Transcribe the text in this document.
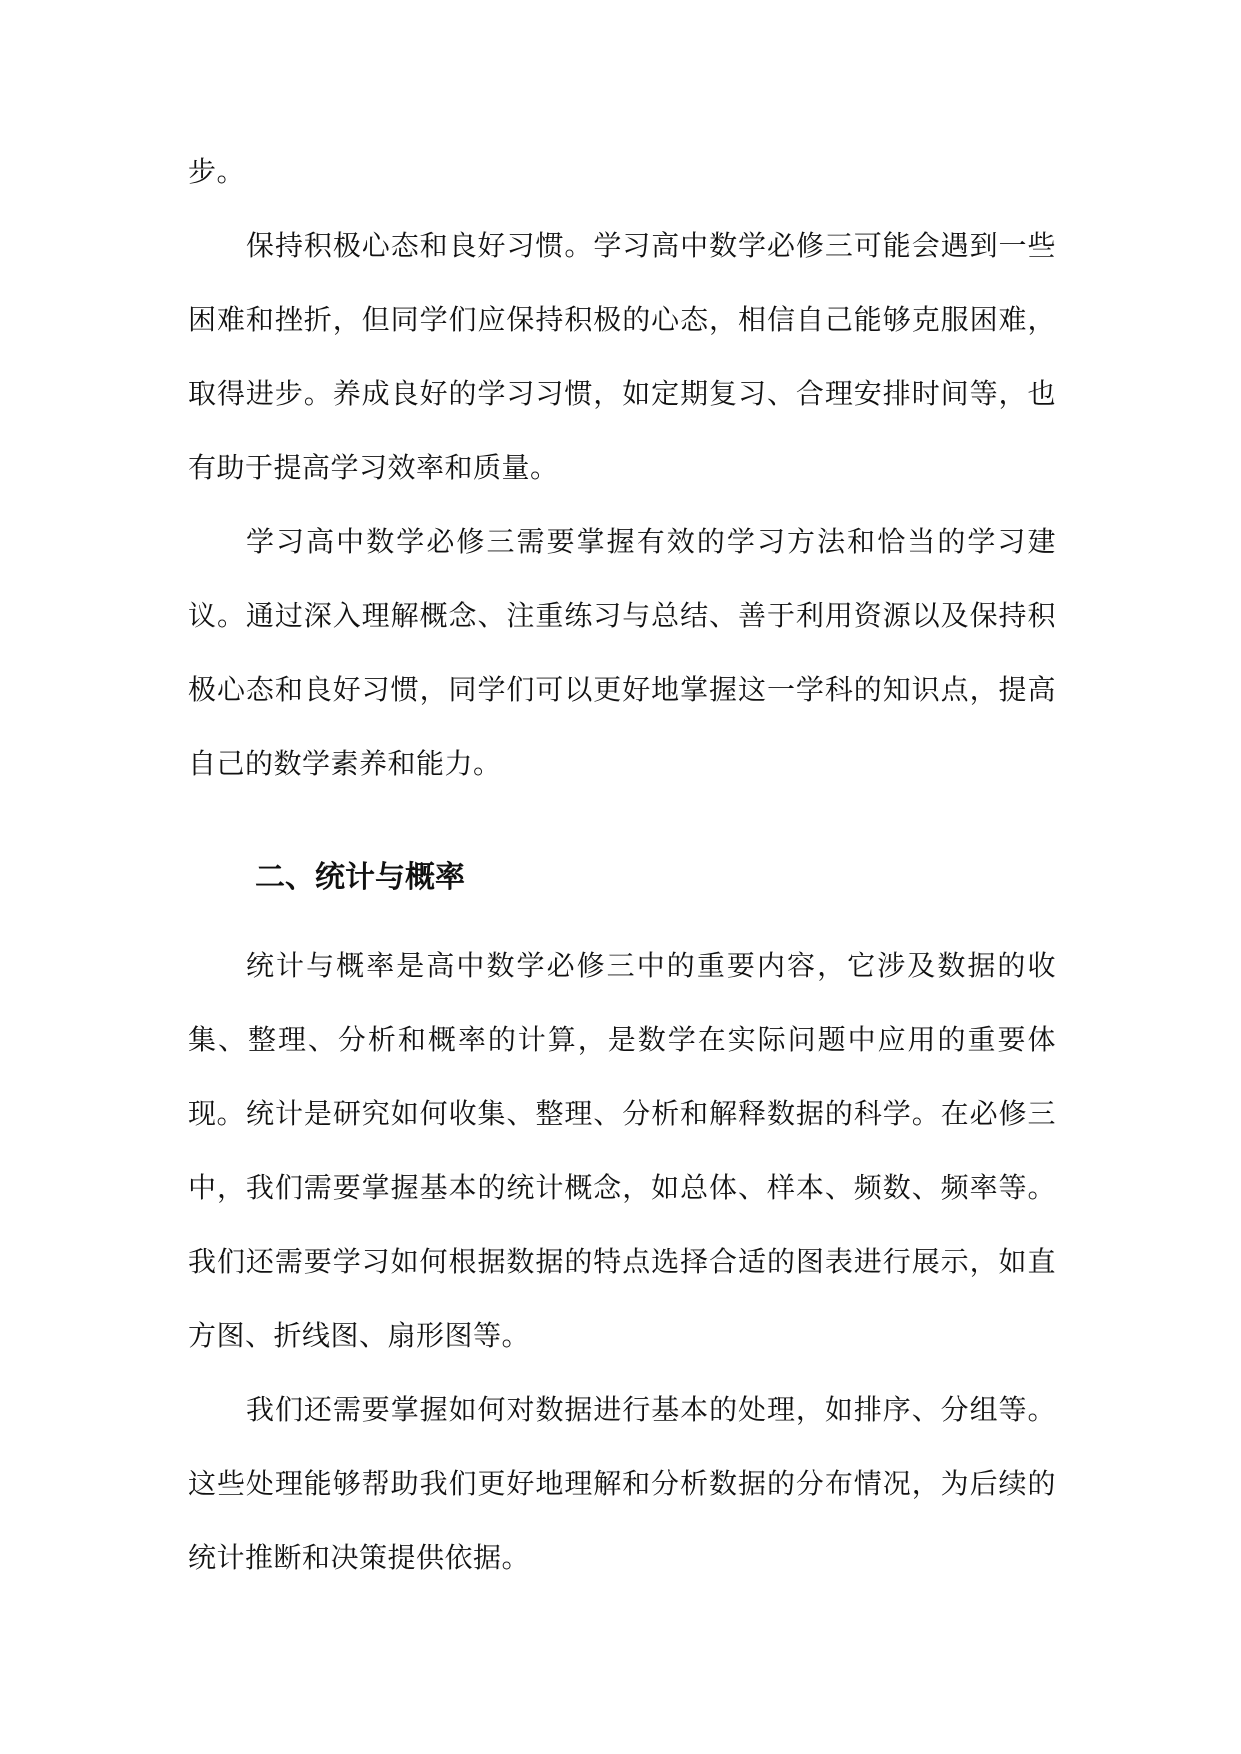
步。

保持积极心态和良好习惯。学习高中数学必修三可能会遇到一些困难和挫折，但同学们应保持积极的心态，相信自己能够克服困难，取得进步。养成良好的学习习惯，如定期复习、合理安排时间等，也有助于提高学习效率和质量。

学习高中数学必修三需要掌握有效的学习方法和恰当的学习建议。通过深入理解概念、注重练习与总结、善于利用资源以及保持积极心态和良好习惯，同学们可以更好地掌握这一学科的知识点，提高自己的数学素养和能力。

二、统计与概率

统计与概率是高中数学必修三中的重要内容，它涉及数据的收集、整理、分析和概率的计算，是数学在实际问题中应用的重要体现。 统计是研究如何收集、整理、分析和解释数据的科学。在必修三中，我们需要掌握基本的统计概念，如总体、样本、频数、频率等。我们还需要学习如何根据数据的特点选择合适的图表进行展示，如直方图、折线图、扇形图等。

我们还需要掌握如何对数据进行基本的处理，如排序、分组等。这些处理能够帮助我们更好地理解和分析数据的分布情况，为后续的统计推断和决策提供依据。
